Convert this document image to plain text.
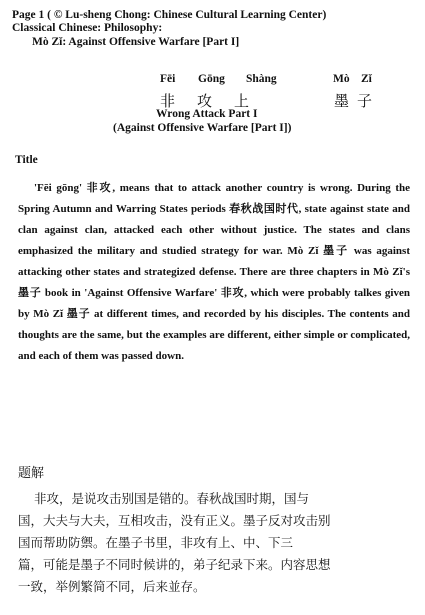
Page 1 ( © Lu-sheng Chong: Chinese Cultural Learning Center)
Classical Chinese: Philosophy:
Mò Zǐ: Against Offensive Warfare [Part I]
Fēi Gōng Shàng	Mò Zǐ
非攻上	墨子
Wrong Attack Part I
(Against Offensive Warfare [Part I])
Title
'Fēi gōng' 非攻, means that to attack another country is wrong. During the Spring Autumn and Warring States periods 春秋战国时代, state against state and clan against clan, attacked each other without justice. The states and clans emphasized the military and studied strategy for war. Mò Zǐ 墨子 was against attacking other states and strategized defense. There are three chapters in Mò Zǐ's 墨子 book in 'Against Offensive Warfare' 非攻, which were probably talkes given by Mò Zǐ 墨子 at different times, and recorded by his disciples. The contents and thoughts are the same, but the examples are different, either simple or complicated, and each of them was passed down.
题解
非攻，是说攻击别国是错的。春秋战国时期，国与
国，大夫与大夫，互相攻击，没有正义。墨子反对攻击别
国而帮助防禦。在墨子书里，非攻有上、中、下三
篇，可能是墨子不同时候讲的，弟子纪录下来。内容思想
一致，举例繁简不同，后来並存。
